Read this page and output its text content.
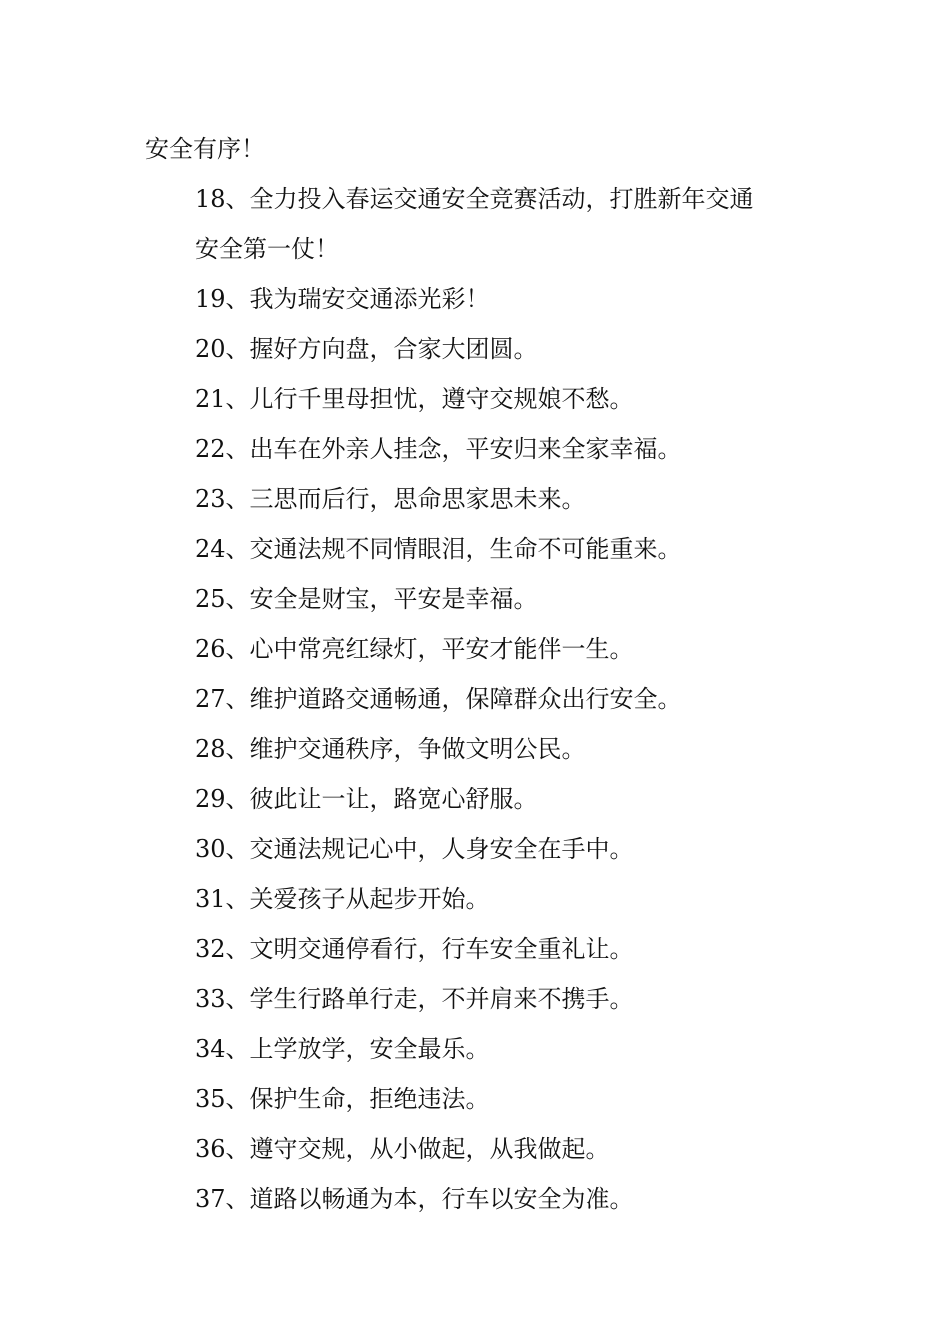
安全有序！

18、全力投入春运交通安全竞赛活动，打胜新年交通
安全第一仗！

19、我为瑞安交通添光彩！

20、握好方向盘，合家大团圆。

21、儿行千里母担忧，遵守交规娘不愁。

22、出车在外亲人挂念，平安归来全家幸福。

23、三思而后行，思命思家思未来。

24、交通法规不同情眼泪，生命不可能重来。

25、安全是财宝，平安是幸福。

26、心中常亮红绿灯，平安才能伴一生。

27、维护道路交通畅通，保障群众出行安全。

28、维护交通秩序，争做文明公民。

29、彼此让一让，路宽心舒服。

30、交通法规记心中，人身安全在手中。

31、关爱孩子从起步开始。

32、文明交通停看行，行车安全重礼让。

33、学生行路单行走，不并肩来不携手。

34、上学放学，安全最乐。

35、保护生命，拒绝违法。

36、遵守交规，从小做起，从我做起。

37、道路以畅通为本，行车以安全为准。
